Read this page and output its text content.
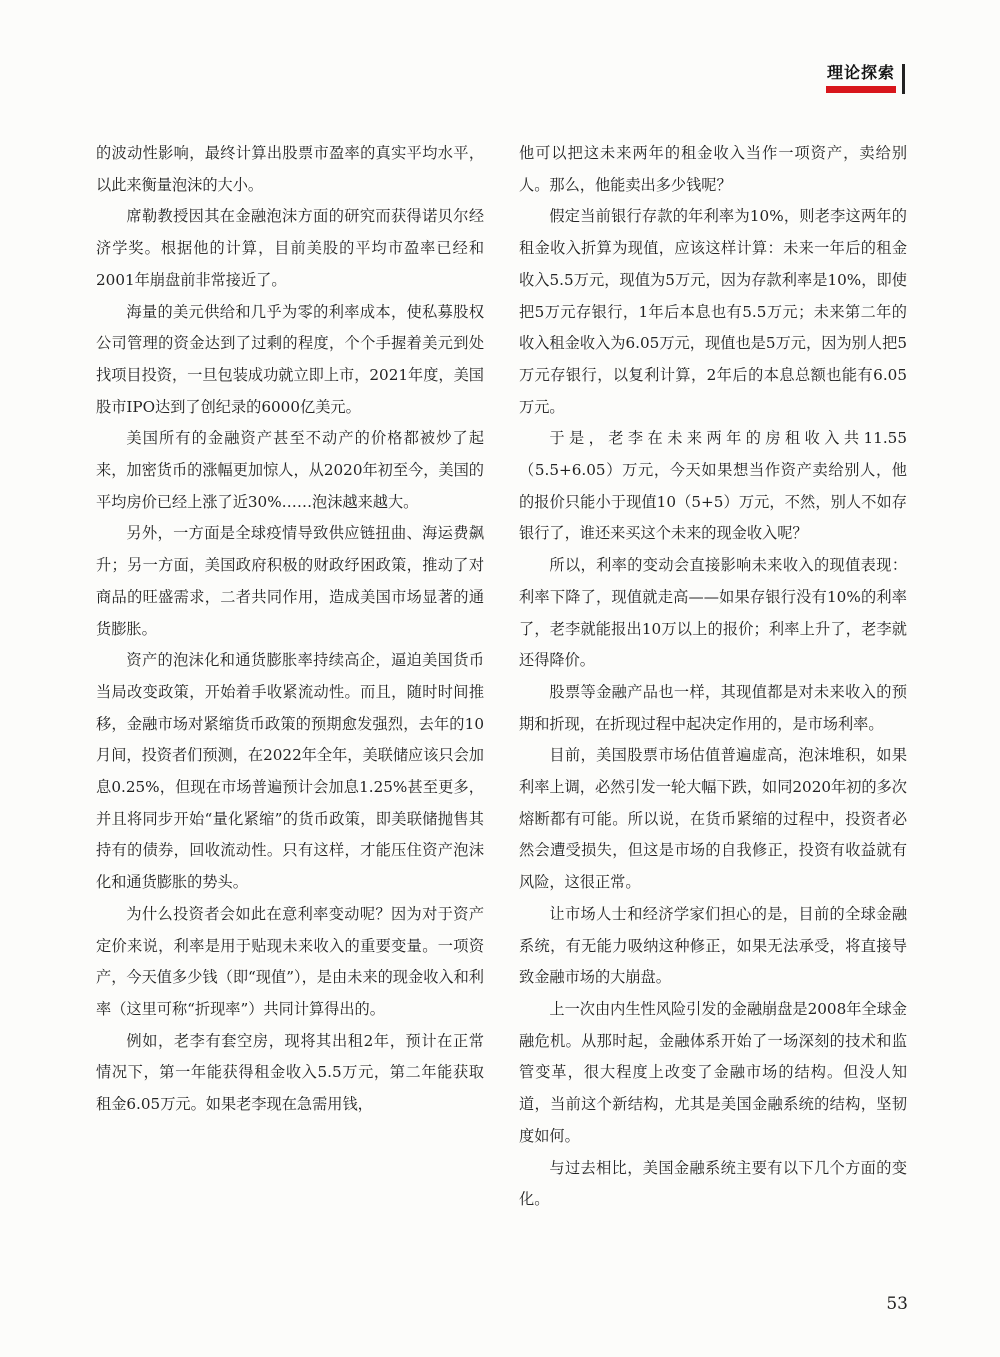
理论探索

的波动性影响，最终计算出股票市盈率的真实平均水平，以此来衡量泡沫的大小。

席勒教授因其在金融泡沫方面的研究而获得诺贝尔经济学奖。根据他的计算，目前美股的平均市盈率已经和2001年崩盘前非常接近了。

海量的美元供给和几乎为零的利率成本，使私募股权公司管理的资金达到了过剩的程度，个个手握着美元到处找项目投资，一旦包装成功就立即上市，2021年度，美国股市IPO达到了创纪录的6000亿美元。

美国所有的金融资产甚至不动产的价格都被炒了起来，加密货币的涨幅更加惊人，从2020年初至今，美国的平均房价已经上涨了近30%……泡沫越来越大。

另外，一方面是全球疫情导致供应链扭曲、海运费飙升；另一方面，美国政府积极的财政纾困政策，推动了对商品的旺盛需求，二者共同作用，造成美国市场显著的通货膨胀。

资产的泡沫化和通货膨胀率持续高企，逼迫美国货币当局改变政策，开始着手收紧流动性。而且，随时时间推移，金融市场对紧缩货币政策的预期愈发强烈，去年的10月间，投资者们预测，在2022年全年，美联储应该只会加息0.25%，但现在市场普遍预计会加息1.25%甚至更多，并且将同步开始“量化紧缩”的货币政策，即美联储抛售其持有的债券，回收流动性。只有这样，才能压住资产泡沫化和通货膨胀的势头。

为什么投资者会如此在意利率变动呢？因为对于资产定价来说，利率是用于贴现未来收入的重要变量。一项资产，今天值多少钱（即“现值”），是由未来的现金收入和利率（这里可称“折现率”）共同计算得出的。

例如，老李有套空房，现将其出租2年，预计在正常情况下，第一年能获得租金收入5.5万元，第二年能获取租金6.05万元。如果老李现在急需用钱，

他可以把这未来两年的租金收入当作一项资产，卖给别人。那么，他能卖出多少钱呢？

假定当前银行存款的年利率为10%，则老李这两年的租金收入折算为现值，应该这样计算：未来一年后的租金收入5.5万元，现值为5万元，因为存款利率是10%，即使把5万元存银行，1年后本息也有5.5万元；未来第二年的收入租金收入为6.05万元，现值也是5万元，因为别人把5万元存银行，以复利计算，2年后的本息总额也能有6.05万元。

于是，老李在未来两年的房租收入共11.55（5.5+6.05）万元，今天如果想当作资产卖给别人，他的报价只能小于现值10（5+5）万元，不然，别人不如存银行了，谁还来买这个未来的现金收入呢？

所以，利率的变动会直接影响未来收入的现值表现：利率下降了，现值就走高——如果存银行没有10%的利率了，老李就能报出10万以上的报价；利率上升了，老李就还得降价。

股票等金融产品也一样，其现值都是对未来收入的预期和折现，在折现过程中起决定作用的，是市场利率。

目前，美国股票市场估值普遍虚高，泡沫堆积，如果利率上调，必然引发一轮大幅下跌，如同2020年初的多次熔断都有可能。所以说，在货币紧缩的过程中，投资者必然会遭受损失，但这是市场的自我修正，投资有收益就有风险，这很正常。

让市场人士和经济学家们担心的是，目前的全球金融系统，有无能力吸纳这种修正，如果无法承受，将直接导致金融市场的大崩盘。

上一次由内生性风险引发的金融崩盘是2008年全球金融危机。从那时起，金融体系开始了一场深刻的技术和监管变革，很大程度上改变了金融市场的结构。但没人知道，当前这个新结构，尤其是美国金融系统的结构，坚韧度如何。

与过去相比，美国金融系统主要有以下几个方面的变化。

53
